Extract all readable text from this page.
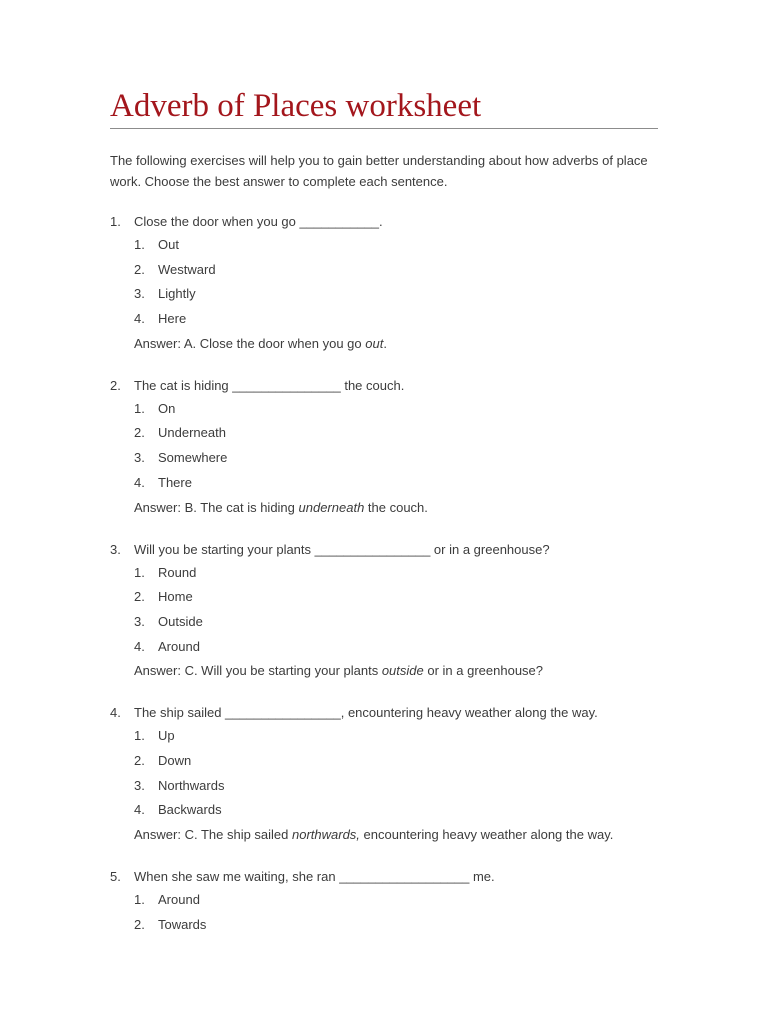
Adverb of Places worksheet

The following exercises will help you to gain better understanding about how adverbs of place work. Choose the best answer to complete each sentence.

1. Close the door when you go ___________.
1. Out
2. Westward
3. Lightly
4. Here
Answer: A. Close the door when you go out.
2. The cat is hiding _______________ the couch.
1. On
2. Underneath
3. Somewhere
4. There
Answer: B. The cat is hiding underneath the couch.
3. Will you be starting your plants ________________ or in a greenhouse?
1. Round
2. Home
3. Outside
4. Around
Answer: C. Will you be starting your plants outside or in a greenhouse?
4. The ship sailed ________________, encountering heavy weather along the way.
1. Up
2. Down
3. Northwards
4. Backwards
Answer: C. The ship sailed northwards, encountering heavy weather along the way.
5. When she saw me waiting, she ran __________________ me.
1. Around
2. Towards
